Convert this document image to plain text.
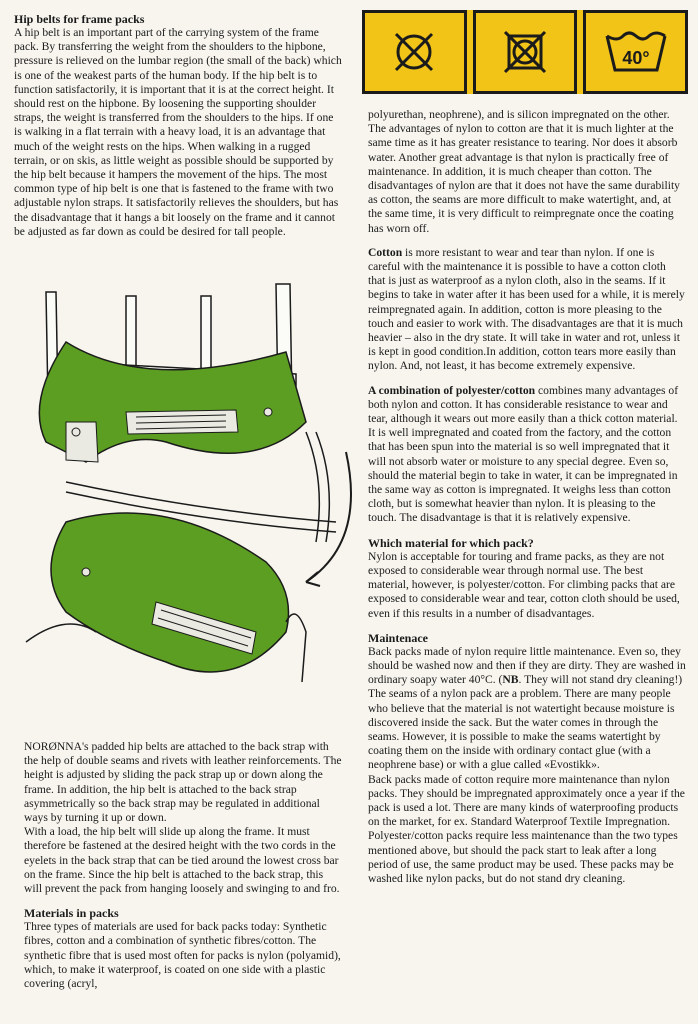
40°

Hip belts for frame packs

A hip belt is an important part of the carrying system of the frame pack. By transferring the weight from the shoulders to the hipbone, pressure is relieved on the lumbar region (the small of the back) which is one of the weakest parts of the human body. If the hip belt is to function satisfactorily, it is important that it is at the correct height. It should rest on the hipbone. By loosening the supporting shoulder straps, the weight is transferred from the shoulders to the hips. If one is walking in a flat terrain with a heavy load, it is an advantage that much of the weight rests on the hips. When walking in a rugged terrain, or on skis, as little weight as possible should be supported by the hip belt because it hampers the movement of the hips. The most common type of hip belt is one that is fastened to the frame with two adjustable nylon straps. It satisfactorily relieves the shoulders, but has the disadvantage that it hangs a bit loosely on the frame and it cannot be adjusted as far down as could be desired for tall people.

NORØNNA's padded hip belts are attached to the back strap with the help of double seams and rivets with leather reinforcements. The height is adjusted by sliding the pack strap up or down along the frame. In addition, the hip belt is attached to the back strap asymmetrically so the back strap may be regulated in additional ways by turning it up or down.

With a load, the hip belt will slide up along the frame. It must therefore be fastened at the desired height with the two cords in the eyelets in the back strap that can be tied around the lowest cross bar on the frame. Since the hip belt is attached to the back strap, this will prevent the pack from hanging loosely and swinging to and fro.

Materials in packs

Three types of materials are used for back packs today: Synthetic fibres, cotton and a combination of synthetic fibres/cotton. The synthetic fibre that is used most often for packs is nylon (polyamid), which, to make it waterproof, is coated on one side with a plastic covering (acryl,

polyurethan, neophrene), and is silicon impregnated on the other. The advantages of nylon to cotton are that it is much lighter at the same time as it has greater resistance to tearing. Nor does it absorb water. Another great advantage is that nylon is practically free of maintenance. In addition, it is much cheaper than cotton. The disadvantages of nylon are that it does not have the same durability as cotton, the seams are more difficult to make watertight, and, at the same time, it is very difficult to reimpregnate once the coating has worn off.

Cotton is more resistant to wear and tear than nylon. If one is careful with the maintenance it is possible to have a cotton cloth that is just as waterproof as a nylon cloth, also in the seams. If it begins to take in water after it has been used for a while, it is merely reimpregnated again. In addition, cotton is more pleasing to the touch and easier to work with. The disadvantages are that it is much heavier – also in the dry state. It will take in water and rot, unless it is kept in good condition.In addition, cotton tears more easily than nylon. And, not least, it has become extremely expensive.

A combination of polyester/cotton combines many advantages of both nylon and cotton. It has considerable resistance to wear and tear, although it wears out more easily than a thick cotton material. It is well impregnated and coated from the factory, and the cotton that has been spun into the material is so well impregnated that it will not absorb water or moisture to any special degree. Even so, should the material begin to take in water, it can be impregnated in the same way as cotton is impregnated. It weighs less than cotton cloth, but is somewhat heavier than nylon. It is pleasing to the touch. The disadvantage is that it is relatively expensive.

Which material for which pack?

Nylon is acceptable for touring and frame packs, as they are not exposed to considerable wear through normal use. The best material, however, is polyester/cotton. For climbing packs that are exposed to considerable wear and tear, cotton cloth should be used, even if this results in a number of disadvantages.

Maintenace

Back packs made of nylon require little maintenance. Even so, they should be washed now and then if they are dirty. They are washed in ordinary soapy water 40°C. (NB. They will not stand dry cleaning!)

The seams of a nylon pack are a problem. There are many people who believe that the material is not watertight because moisture is discovered inside the sack. But the water comes in through the seams. However, it is possible to make the seams watertight by coating them on the inside with ordinary contact glue (with a neophrene base) or with a glue called «Evostikk».

Back packs made of cotton require more maintenance than nylon packs. They should be impregnated approximately once a year if the pack is used a lot. There are many kinds of waterproofing products on the market, for ex. Standard Waterproof Textile Impregnation.

Polyester/cotton packs require less maintenance than the two types mentioned above, but should the pack start to leak after a long period of use, the same product may be used. These packs may be washed like nylon packs, but do not stand dry cleaning.
